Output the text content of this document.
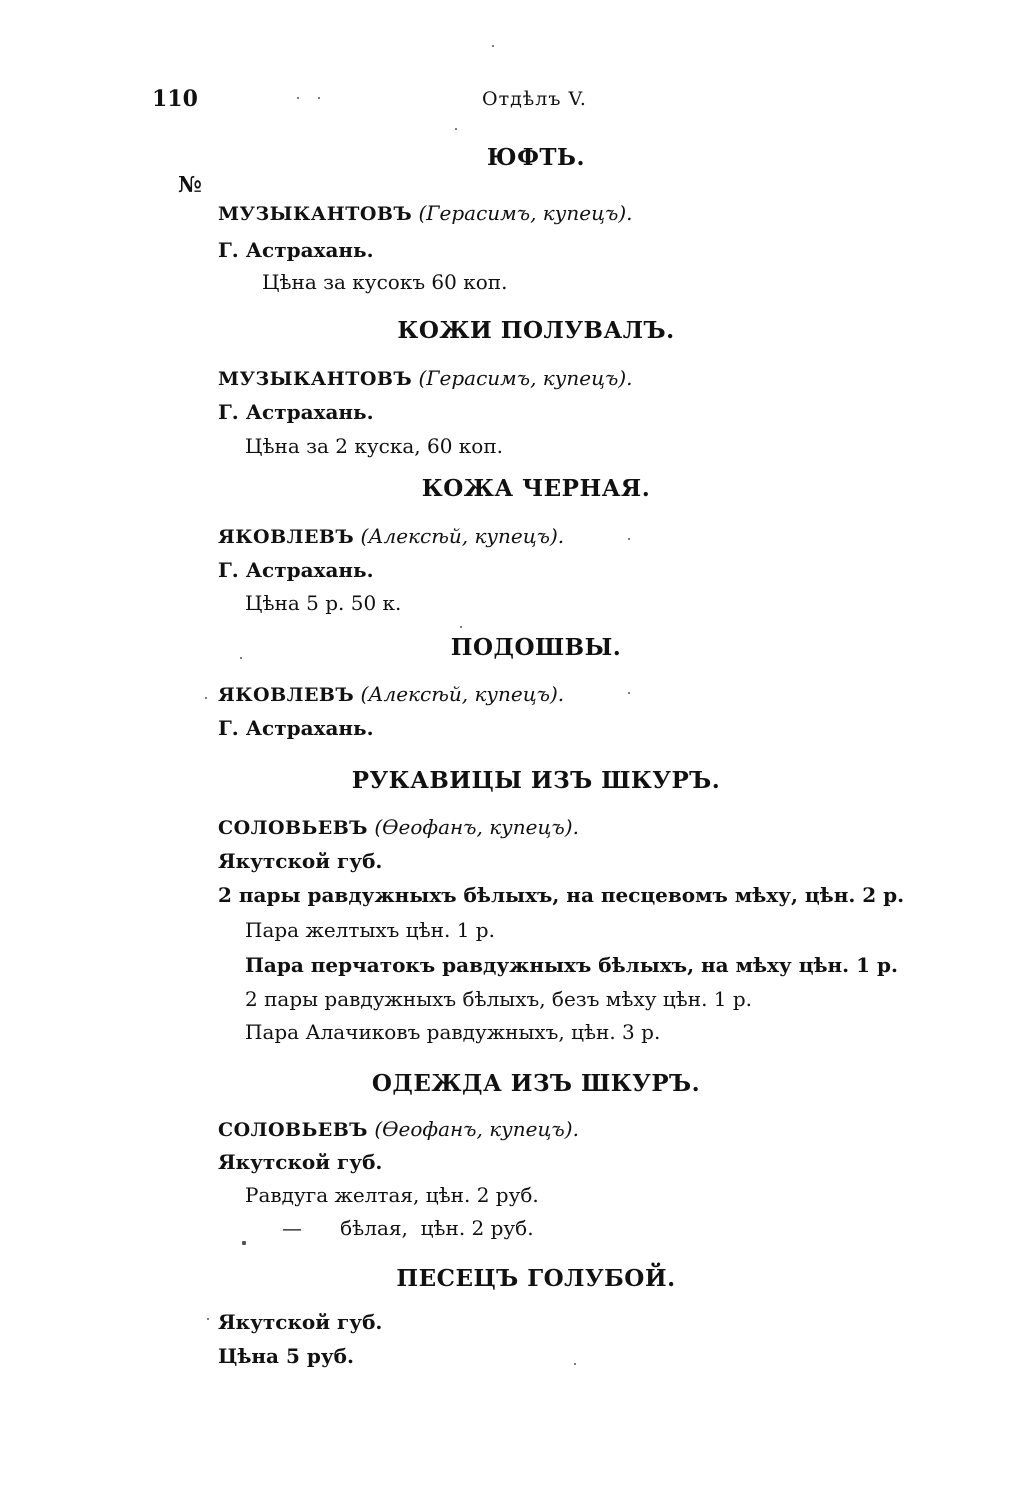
110	Отдѣлъ V.
№
ЮФТЬ.
МУЗЫКАНТОВЪ (Герасимъ, купецъ).
Г. Астрахань.
Цѣна за кусокъ 60 коп.
КОЖИ ПОЛУВАЛЪ.
МУЗЫКАНТОВЪ (Герасимъ, купецъ).
Г. Астрахань.
Цѣна за 2 куска, 60 коп.
КОЖА ЧЕРНАЯ.
ЯКОВЛЕВЪ (Алексѣй, купецъ).
Г. Астрахань.
Цѣна 5 р. 50 к.
ПОДОШВЫ.
ЯКОВЛЕВЪ (Алексѣй, купецъ).
Г. Астрахань.
РУКАВИЦЫ ИЗЪ ШКУРЪ.
СОЛОВЬЕВЪ (Ѳеофанъ, купецъ).
Якутской губ.
2 пары равдужныхъ бѣлыхъ, на песцевомъ мѣху, цѣн. 2 р.
Пара желтыхъ цѣн. 1 р.
Пара перчатокъ равдужныхъ бѣлыхъ, на мѣху цѣн. 1 р.
2 пары равдужныхъ бѣлыхъ, безъ мѣху цѣн. 1 р.
Пара Алачиковъ равдужныхъ, цѣн. 3 р.
ОДЕЖДА ИЗЪ ШКУРЪ.
СОЛОВЬЕВЪ (Ѳеофанъ, купецъ).
Якутской губ.
Равдуга желтая, цѣн. 2 руб.
—      бѣлая,  цѣн. 2 руб.
ПЕСЕЦЪ ГОЛУБОЙ.
Якутской губ.
Цѣна 5 руб.
